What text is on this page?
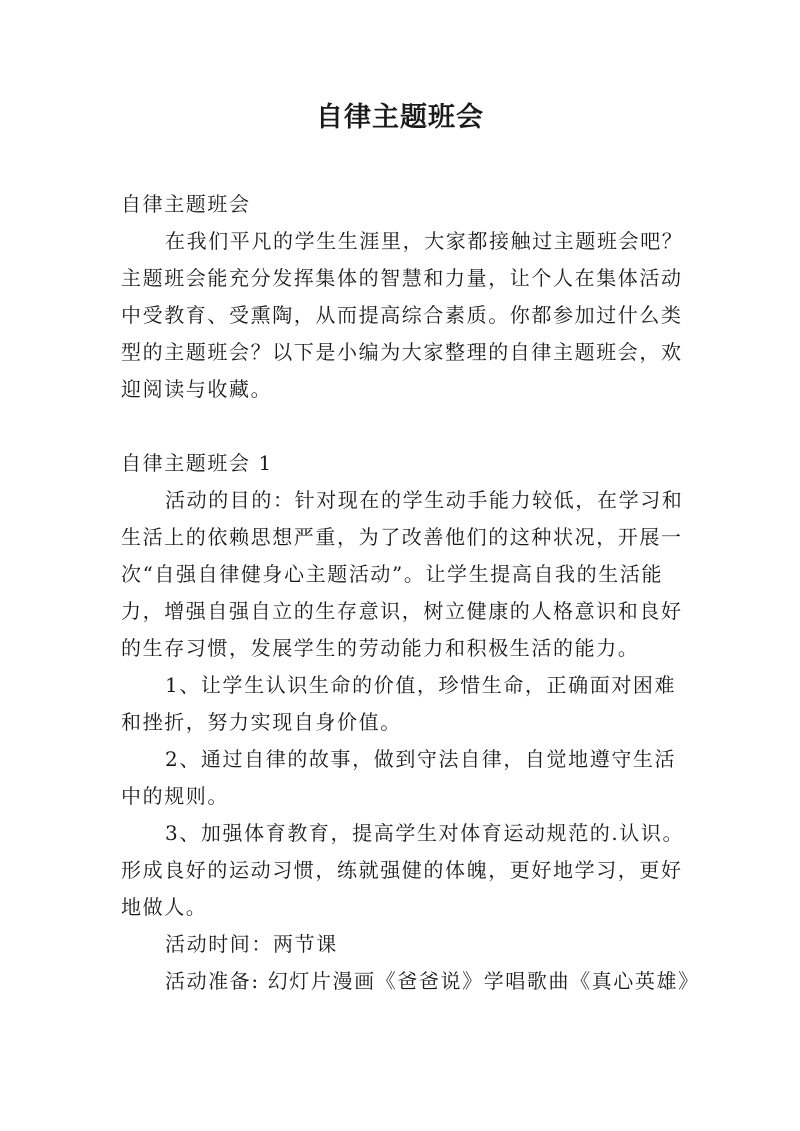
自律主题班会

自律主题班会

在我们平凡的学生生涯里，大家都接触过主题班会吧？主题班会能充分发挥集体的智慧和力量，让个人在集体活动中受教育、受熏陶，从而提高综合素质。你都参加过什么类型的主题班会？以下是小编为大家整理的自律主题班会，欢迎阅读与收藏。

自律主题班会 1

活动的目的：针对现在的学生动手能力较低，在学习和生活上的依赖思想严重，为了改善他们的这种状况，开展一次“自强自律健身心主题活动”。让学生提高自我的生活能力，增强自强自立的生存意识，树立健康的人格意识和良好的生存习惯，发展学生的劳动能力和积极生活的能力。

1、让学生认识生命的价值，珍惜生命，正确面对困难和挫折，努力实现自身价值。

2、通过自律的故事，做到守法自律，自觉地遵守生活中的规则。

3、加强体育教育，提高学生对体育运动规范的.认识。形成良好的运动习惯，练就强健的体魄，更好地学习，更好地做人。

活动时间：两节课

活动准备: 幻灯片漫画《爸爸说》学唱歌曲《真心英雄》
